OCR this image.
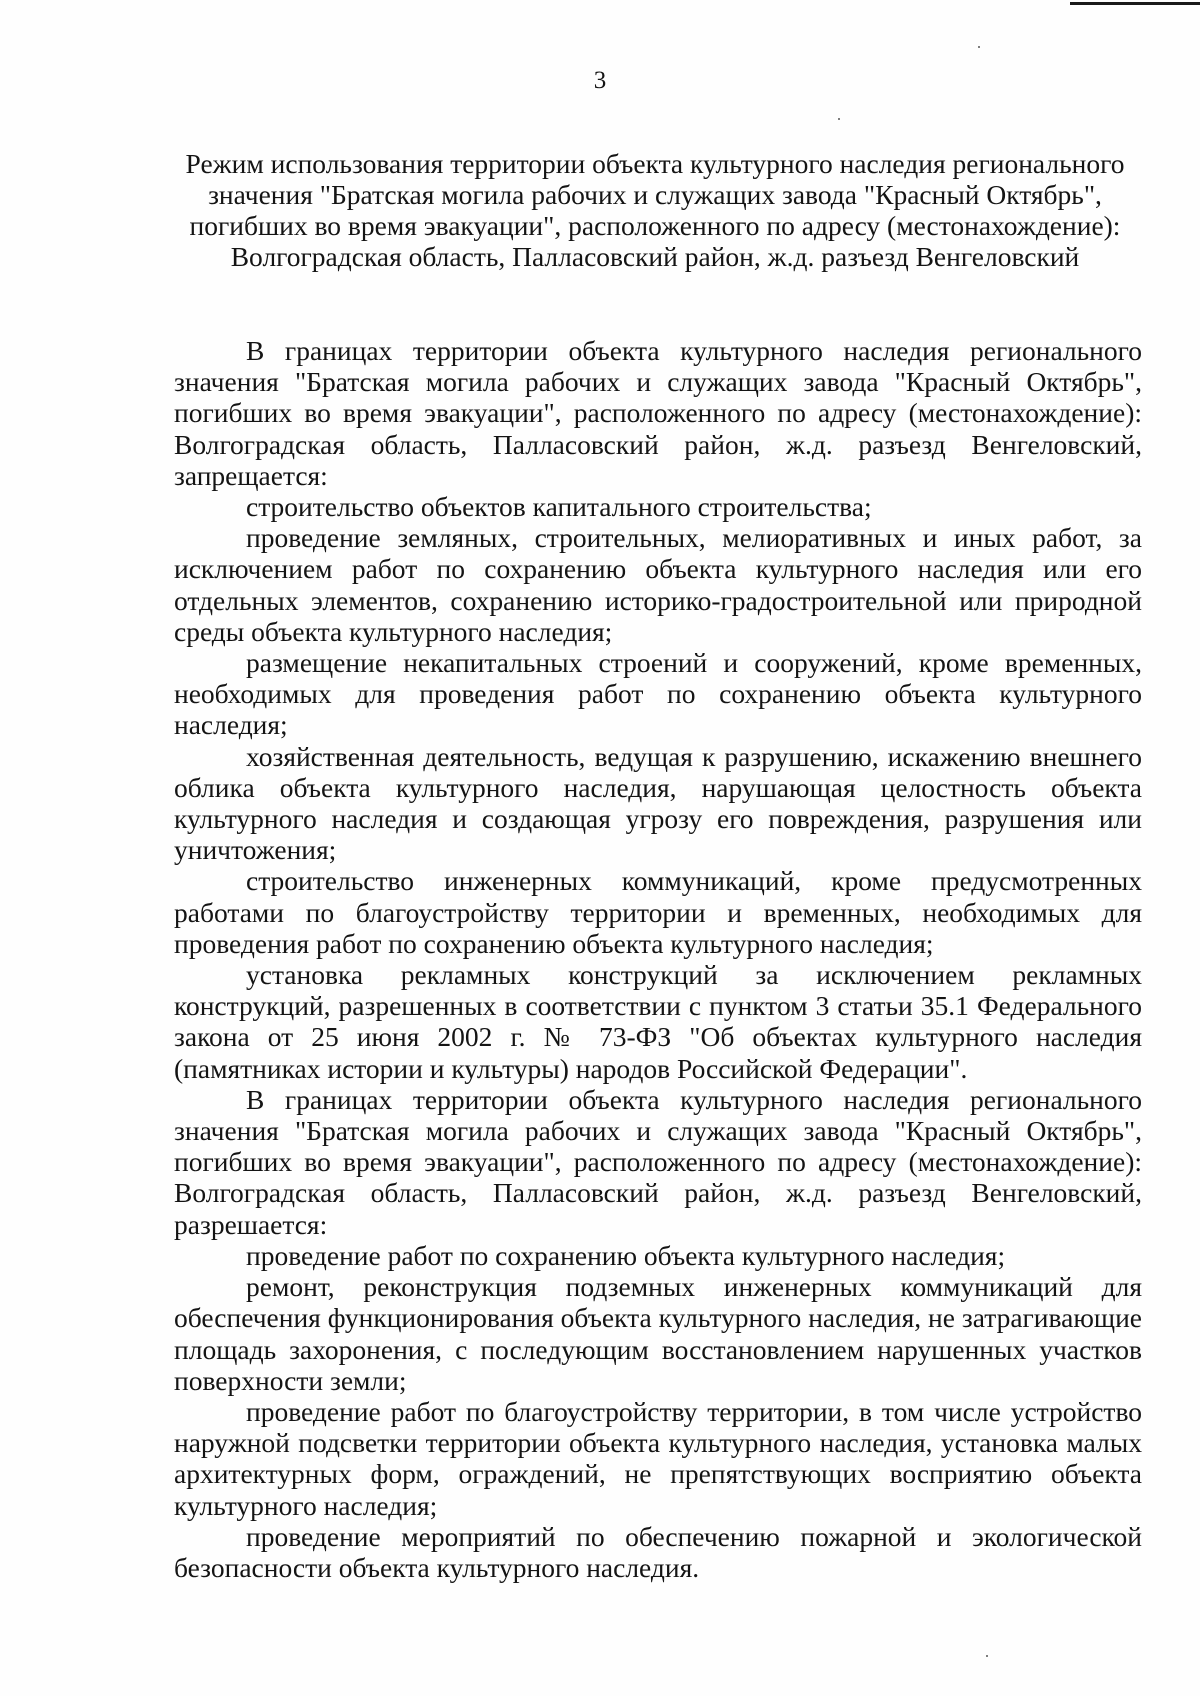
3
Режим использования территории объекта культурного наследия регионального значения "Братская могила рабочих и служащих завода "Красный Октябрь", погибших во время эвакуации", расположенного по адресу (местонахождение): Волгоградская область, Палласовский район, ж.д. разъезд Венгеловский

В границах территории объекта культурного наследия регионального значения "Братская могила рабочих и служащих завода "Красный Октябрь", погибших во время эвакуации", расположенного по адресу (местонахождение): Волгоградская область, Палласовский район, ж.д. разъезд Венгеловский, запрещается:

строительство объектов капитального строительства;

проведение земляных, строительных, мелиоративных и иных работ, за исключением работ по сохранению объекта культурного наследия или его отдельных элементов, сохранению историко-градостроительной или природной среды объекта культурного наследия;

размещение некапитальных строений и сооружений, кроме временных, необходимых для проведения работ по сохранению объекта культурного наследия;

хозяйственная деятельность, ведущая к разрушению, искажению внешнего облика объекта культурного наследия, нарушающая целостность объекта культурного наследия и создающая угрозу его повреждения, разрушения или уничтожения;

строительство инженерных коммуникаций, кроме предусмотренных работами по благоустройству территории и временных, необходимых для проведения работ по сохранению объекта культурного наследия;

установка рекламных конструкций за исключением рекламных конструкций, разрешенных в соответствии с пунктом 3 статьи 35.1 Федерального закона от 25 июня 2002 г. № 73-ФЗ "Об объектах культурного наследия (памятниках истории и культуры) народов Российской Федерации".

В границах территории объекта культурного наследия регионального значения "Братская могила рабочих и служащих завода "Красный Октябрь", погибших во время эвакуации", расположенного по адресу (местонахождение): Волгоградская область, Палласовский район, ж.д. разъезд Венгеловский, разрешается:

проведение работ по сохранению объекта культурного наследия;

ремонт, реконструкция подземных инженерных коммуникаций для обеспечения функционирования объекта культурного наследия, не затрагивающие площадь захоронения, с последующим восстановлением нарушенных участков поверхности земли;

проведение работ по благоустройству территории, в том числе устройство наружной подсветки территории объекта культурного наследия, установка малых архитектурных форм, ограждений, не препятствующих восприятию объекта культурного наследия;

проведение мероприятий по обеспечению пожарной и экологической безопасности объекта культурного наследия.
